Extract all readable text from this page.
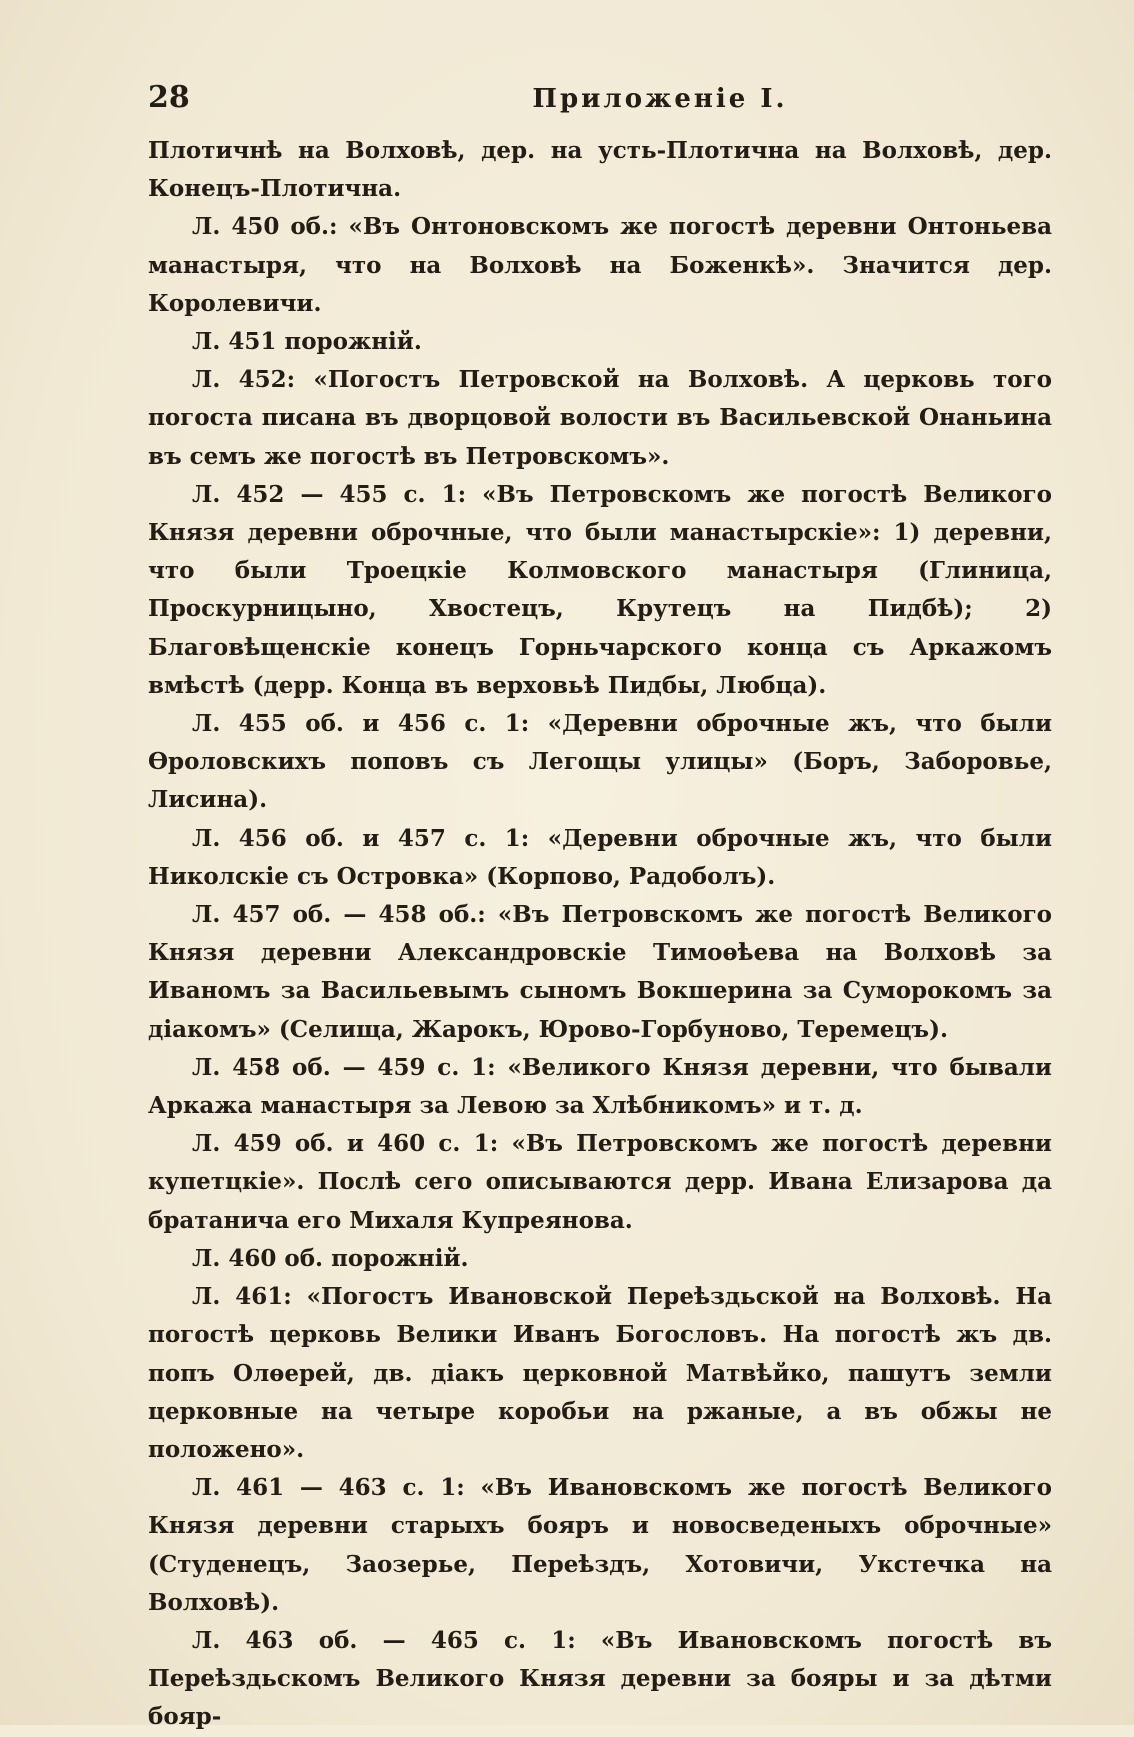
28	Приложенiе I.

Плотичнѣ на Волховѣ, дер. на усть-Плотична на Волховѣ, дер. Конецъ-Плотична.

Л. 450 об.: «Въ Онтоновскомъ же погостѣ деревни Онтоньева манастыря, что на Волховѣ на Боженкѣ». Значится дер. Королевичи.

Л. 451 порожнiй.

Л. 452: «Погостъ Петровской на Волховѣ. А церковь того погоста писана въ дворцовой волости въ Васильевской Онаньина въ семъ же погостѣ въ Петровскомъ».

Л. 452 — 455 с. 1: «Въ Петровскомъ же погостѣ Великого Князя деревни оброчные, что были манастырскiе»: 1) деревни, что были Троецкiе Колмовского манастыря (Глиница, Проскурницыно, Хвостецъ, Крутецъ на Пидбѣ); 2) Благовѣщенскiе конецъ Горньчарского конца съ Аркажомъ вмѣстѣ (дерр. Конца въ верховьѣ Пидбы, Любца).

Л. 455 об. и 456 с. 1: «Деревни оброчные жъ, что были Ѳроловскихъ поповъ съ Легощы улицы» (Боръ, Заборовье, Лисина).

Л. 456 об. и 457 с. 1: «Деревни оброчные жъ, что были Николскiе съ Островка» (Корпово, Радоболъ).

Л. 457 об. — 458 об.: «Въ Петровскомъ же погостѣ Великого Князя деревни Александровскiе Тимоѳѣева на Волховѣ за Иваномъ за Васильевымъ сыномъ Вокшерина за Суморокомъ за дiакомъ» (Селища, Жарокъ, Юрово-Горбуново, Теремецъ).

Л. 458 об. — 459 с. 1: «Великого Князя деревни, что бывали Аркажа манастыря за Левою за Хлѣбникомъ» и т. д.

Л. 459 об. и 460 с. 1: «Въ Петровскомъ же погостѣ деревни купетцкiе». Послѣ сего описываются дерр. Ивана Елизарова да братанича его Михаля Купреянова.

Л. 460 об. порожнiй.

Л. 461: «Погостъ Ивановской Переѣздьской на Волховѣ. На погостѣ церковь Велики Иванъ Богословъ. На погостѣ жъ дв. попъ Олѳерей, дв. дiакъ церковной Матвѣйко, пашутъ земли церковные на четыре коробьи на ржаные, а въ обжы не положено».

Л. 461 — 463 с. 1: «Въ Ивановскомъ же погостѣ Великого Князя деревни старыхъ бояръ и новосведеныхъ оброчные» (Студенецъ, Заозерье, Переѣздъ, Хотовичи, Укстечка на Волховѣ).

Л. 463 об. — 465 с. 1: «Въ Ивановскомъ погостѣ въ Переѣздьскомъ Великого Князя деревни за бояры и за дѣтми бояр-
